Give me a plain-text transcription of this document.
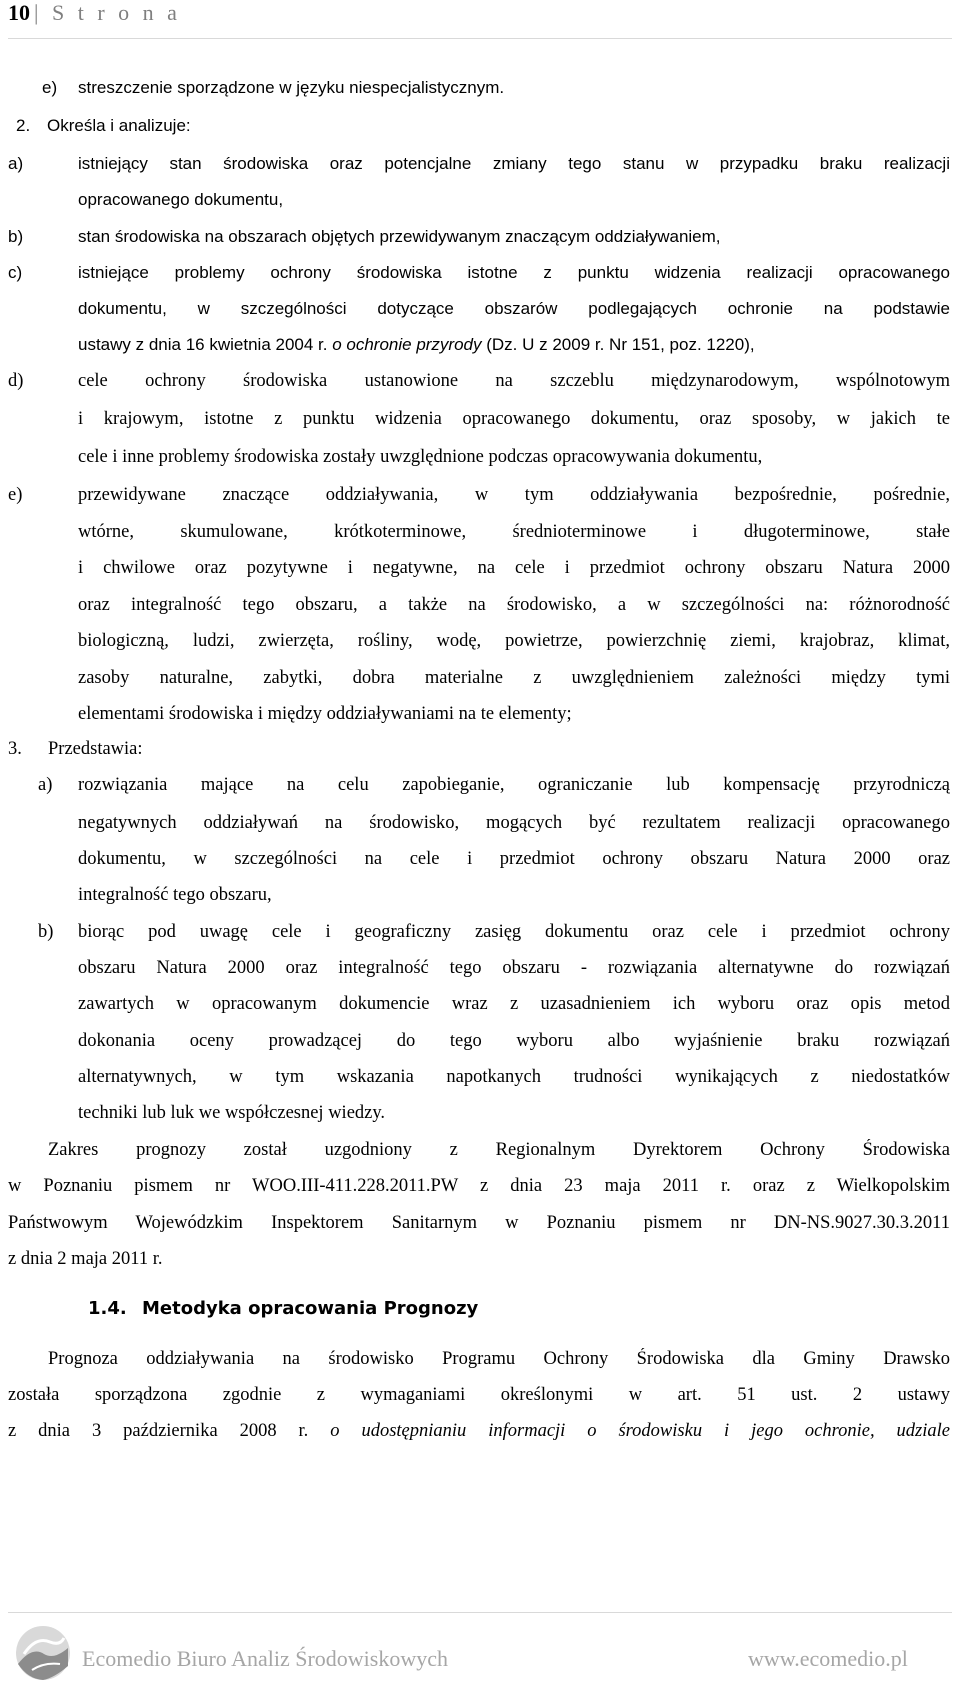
10 | S t r o n a
e) streszczenie sporządzone w języku niespecjalistycznym.
2. Określa i analizuje:
a)	istniejący stan środowiska oraz potencjalne zmiany tego stanu w przypadku braku realizacji
opracowanego dokumentu,
b)	stan środowiska na obszarach objętych przewidywanym znaczącym oddziaływaniem,
c)	istniejące problemy ochrony środowiska istotne z punktu widzenia realizacji opracowanego
dokumentu, w szczególności dotyczące obszarów podlegających ochronie na podstawie
ustawy z dnia 16 kwietnia 2004 r. o ochronie przyrody (Dz. U z 2009 r. Nr 151, poz. 1220),
d)	cele ochrony środowiska ustanowione na szczeblu międzynarodowym, wspólnotowym
i krajowym, istotne z punktu widzenia opracowanego dokumentu, oraz sposoby, w jakich te
cele i inne problemy środowiska zostały uwzględnione podczas opracowywania dokumentu,
e)	przewidywane znaczące oddziaływania, w tym oddziaływania bezpośrednie, pośrednie,
wtórne, skumulowane, krótkoterminowe, średnioterminowe i długoterminowe, stałe
i chwilowe oraz pozytywne i negatywne, na cele i przedmiot ochrony obszaru Natura 2000
oraz integralność tego obszaru, a także na środowisko, a w szczególności na: różnorodność
biologiczną, ludzi, zwierzęta, rośliny, wodę, powietrze, powierzchnię ziemi, krajobraz, klimat,
zasoby naturalne, zabytki, dobra materialne z uwzględnieniem zależności między tymi
elementami środowiska i między oddziaływaniami na te elementy;
3. Przedstawia:
a) rozwiązania mające na celu zapobieganie, ograniczanie lub kompensację przyrodniczą
negatywnych oddziaływań na środowisko, mogących być rezultatem realizacji opracowanego
dokumentu, w szczególności na cele i przedmiot ochrony obszaru Natura 2000 oraz
integralność tego obszaru,
b) biorąc pod uwagę cele i geograficzny zasięg dokumentu oraz cele i przedmiot ochrony
obszaru Natura 2000 oraz integralność tego obszaru - rozwiązania alternatywne do rozwiązań
zawartych w opracowanym dokumencie wraz z uzasadnieniem ich wyboru oraz opis metod
dokonania oceny prowadzącej do tego wyboru albo wyjaśnienie braku rozwiązań
alternatywnych, w tym wskazania napotkanych trudności wynikających z niedostatków
techniki lub luk we współczesnej wiedzy.
Zakres prognozy został uzgodniony z Regionalnym Dyrektorem Ochrony Środowiska
w Poznaniu pismem nr WOO.III-411.228.2011.PW z dnia 23 maja 2011 r. oraz z Wielkopolskim
Państwowym Wojewódzkim Inspektorem Sanitarnym w Poznaniu pismem nr DN-NS.9027.30.3.2011
z dnia 2 maja 2011 r.
1.4. Metodyka opracowania Prognozy
Prognoza oddziaływania na środowisko Programu Ochrony Środowiska dla Gminy Drawsko
została sporządzona zgodnie z wymaganiami określonymi w art. 51 ust. 2 ustawy
z dnia 3 października 2008 r. o udostępnianiu informacji o środowisku i jego ochronie, udziale
Ecomedio Biuro Analiz Środowiskowych	www.ecomedio.pl
